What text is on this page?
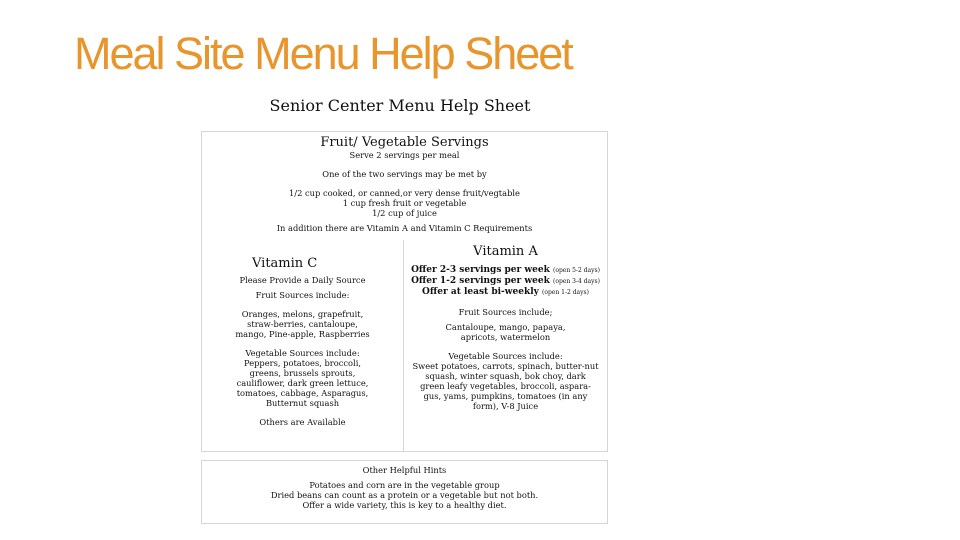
Meal Site Menu Help Sheet
Senior Center Menu Help Sheet
Fruit/ Vegetable Servings
Serve 2 servings per meal
One of the two servings may be met by
1/2 cup cooked, or canned,or very dense fruit/vegtable
1 cup fresh fruit or vegetable
1/2 cup of juice
In addition there are Vitamin A and Vitamin C Requirements
Vitamin C
Please Provide a Daily Source
Fruit Sources include:
Oranges, melons, grapefruit, straw-berries, cantaloupe, mango, Pine-apple, Raspberries
Vegetable Sources include:
Peppers, potatoes, broccoli, greens, brussels sprouts, cauliflower, dark green lettuce, tomatoes, cabbage, Asparagus, Butternut squash
Others are Available
Vitamin A
Offer 2-3 servings per week (open 5-2 days)
Offer 1-2 servings per week (open 3-4 days)
Offer at least bi-weekly (open 1-2 days)
Fruit Sources include;
Cantaloupe, mango, papaya, apricots, watermelon
Vegetable Sources include:
Sweet potatoes, carrots, spinach, butter-nut squash, winter squash, bok choy, dark green leafy vegetables, broccoli, aspara-gus, yams, pumpkins, tomatoes (in any form), V-8 Juice
Other Helpful Hints
Potatoes and corn are in the vegetable group
Dried beans can count as a protein or a vegetable but not both.
Offer a wide variety, this is key to a healthy diet.
